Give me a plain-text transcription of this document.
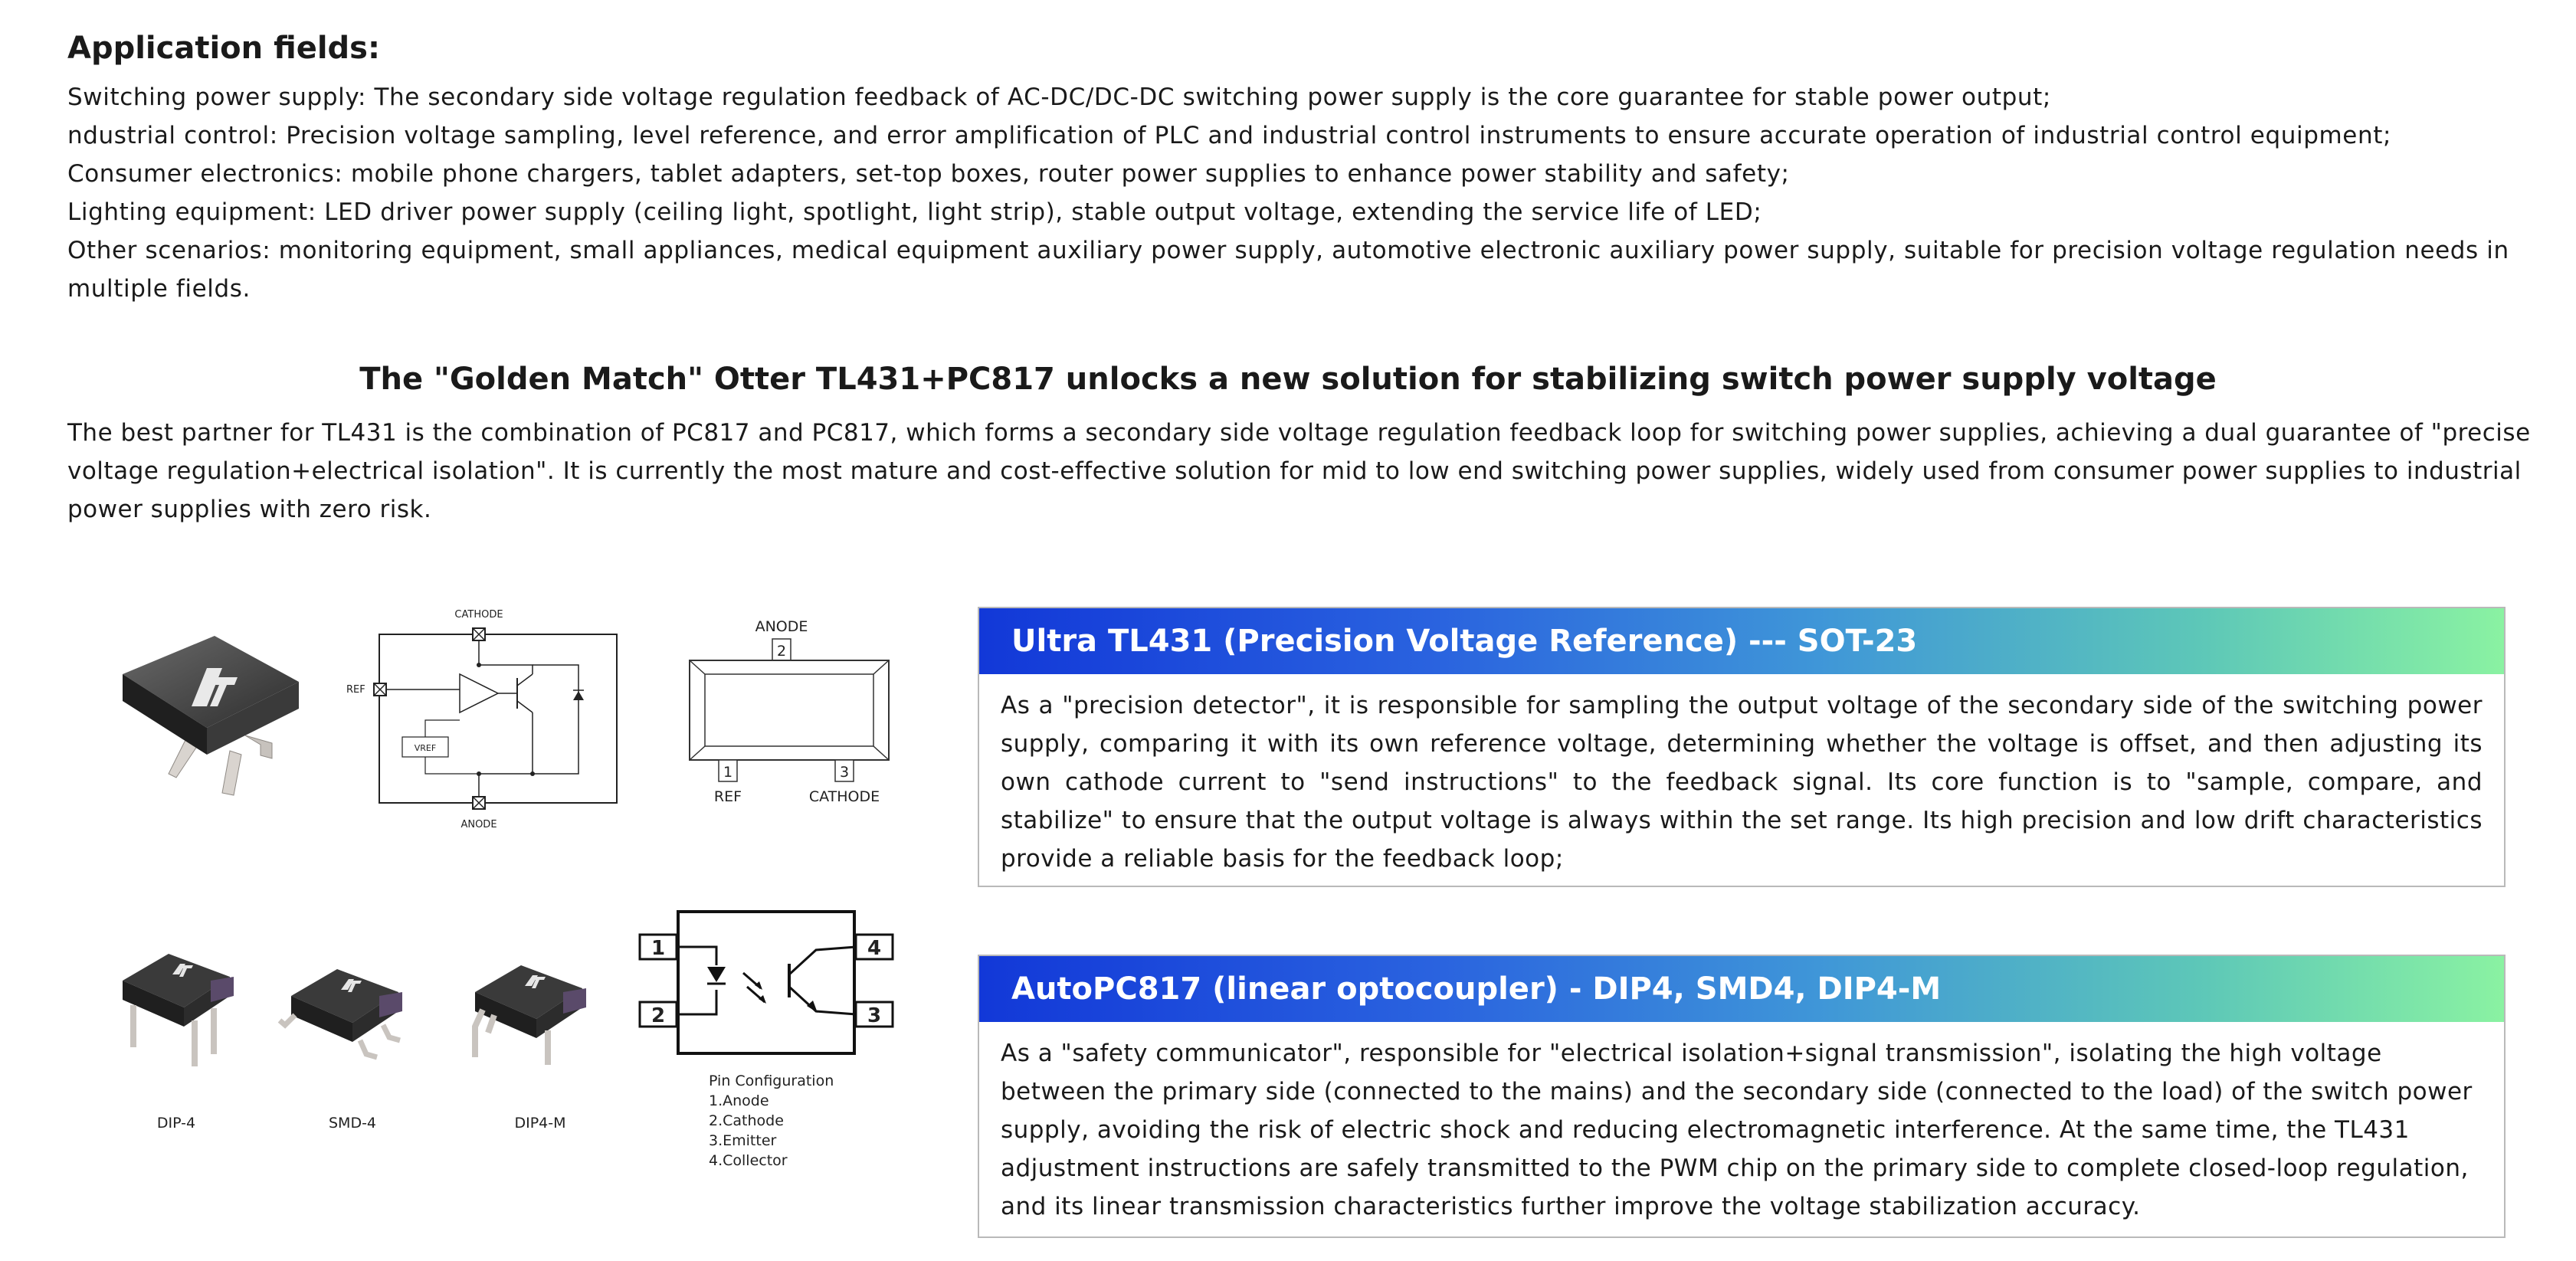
Application fields:
Switching power supply: The secondary side voltage regulation feedback of AC-DC/DC-DC switching power supply is the core guarantee for stable power output;
ndustrial control: Precision voltage sampling, level reference, and error amplification of PLC and industrial control instruments to ensure accurate operation of industrial control equipment;
Consumer electronics: mobile phone chargers, tablet adapters, set-top boxes, router power supplies to enhance power stability and safety;
Lighting equipment: LED driver power supply (ceiling light, spotlight, light strip), stable output voltage, extending the service life of LED;
Other scenarios: monitoring equipment, small appliances, medical equipment auxiliary power supply, automotive electronic auxiliary power supply, suitable for precision voltage regulation needs in multiple fields.
The "Golden Match" Otter TL431+PC817 unlocks a new solution for stabilizing switch power supply voltage
The best partner for TL431 is the combination of PC817 and PC817, which forms a secondary side voltage regulation feedback loop for switching power supplies, achieving a dual guarantee of "precise voltage regulation+electrical isolation". It is currently the most mature and cost-effective solution for mid to low end switching power supplies, widely used from consumer power supplies to industrial power supplies with zero risk.
CATHODE
REF
ANODE
VREF
ANODE
2
1	3
REF	CATHODE
Ultra TL431 (Precision Voltage Reference) --- SOT-23
As a "precision detector", it is responsible for sampling the output voltage of the secondary side of the switching power supply, comparing it with its own reference voltage, determining whether the voltage is offset, and then adjusting its own cathode current to "send instructions" to the feedback signal. Its core function is to "sample, compare, and stabilize" to ensure that the output voltage is always within the set range. Its high precision and low drift characteristics provide a reliable basis for the feedback loop;
DIP-4	SMD-4	DIP4-M
1
2
4
3
Pin Configuration
1.Anode
2.Cathode
3.Emitter
4.Collector
AutoPC817 (linear optocoupler) - DIP4, SMD4, DIP4-M
As a "safety communicator", responsible for "electrical isolation+signal transmission", isolating the high voltage between the primary side (connected to the mains) and the secondary side (connected to the load) of the switch power supply, avoiding the risk of electric shock and reducing electromagnetic interference. At the same time, the TL431 adjustment instructions are safely transmitted to the PWM chip on the primary side to complete closed-loop regulation, and its linear transmission characteristics further improve the voltage stabilization accuracy.
